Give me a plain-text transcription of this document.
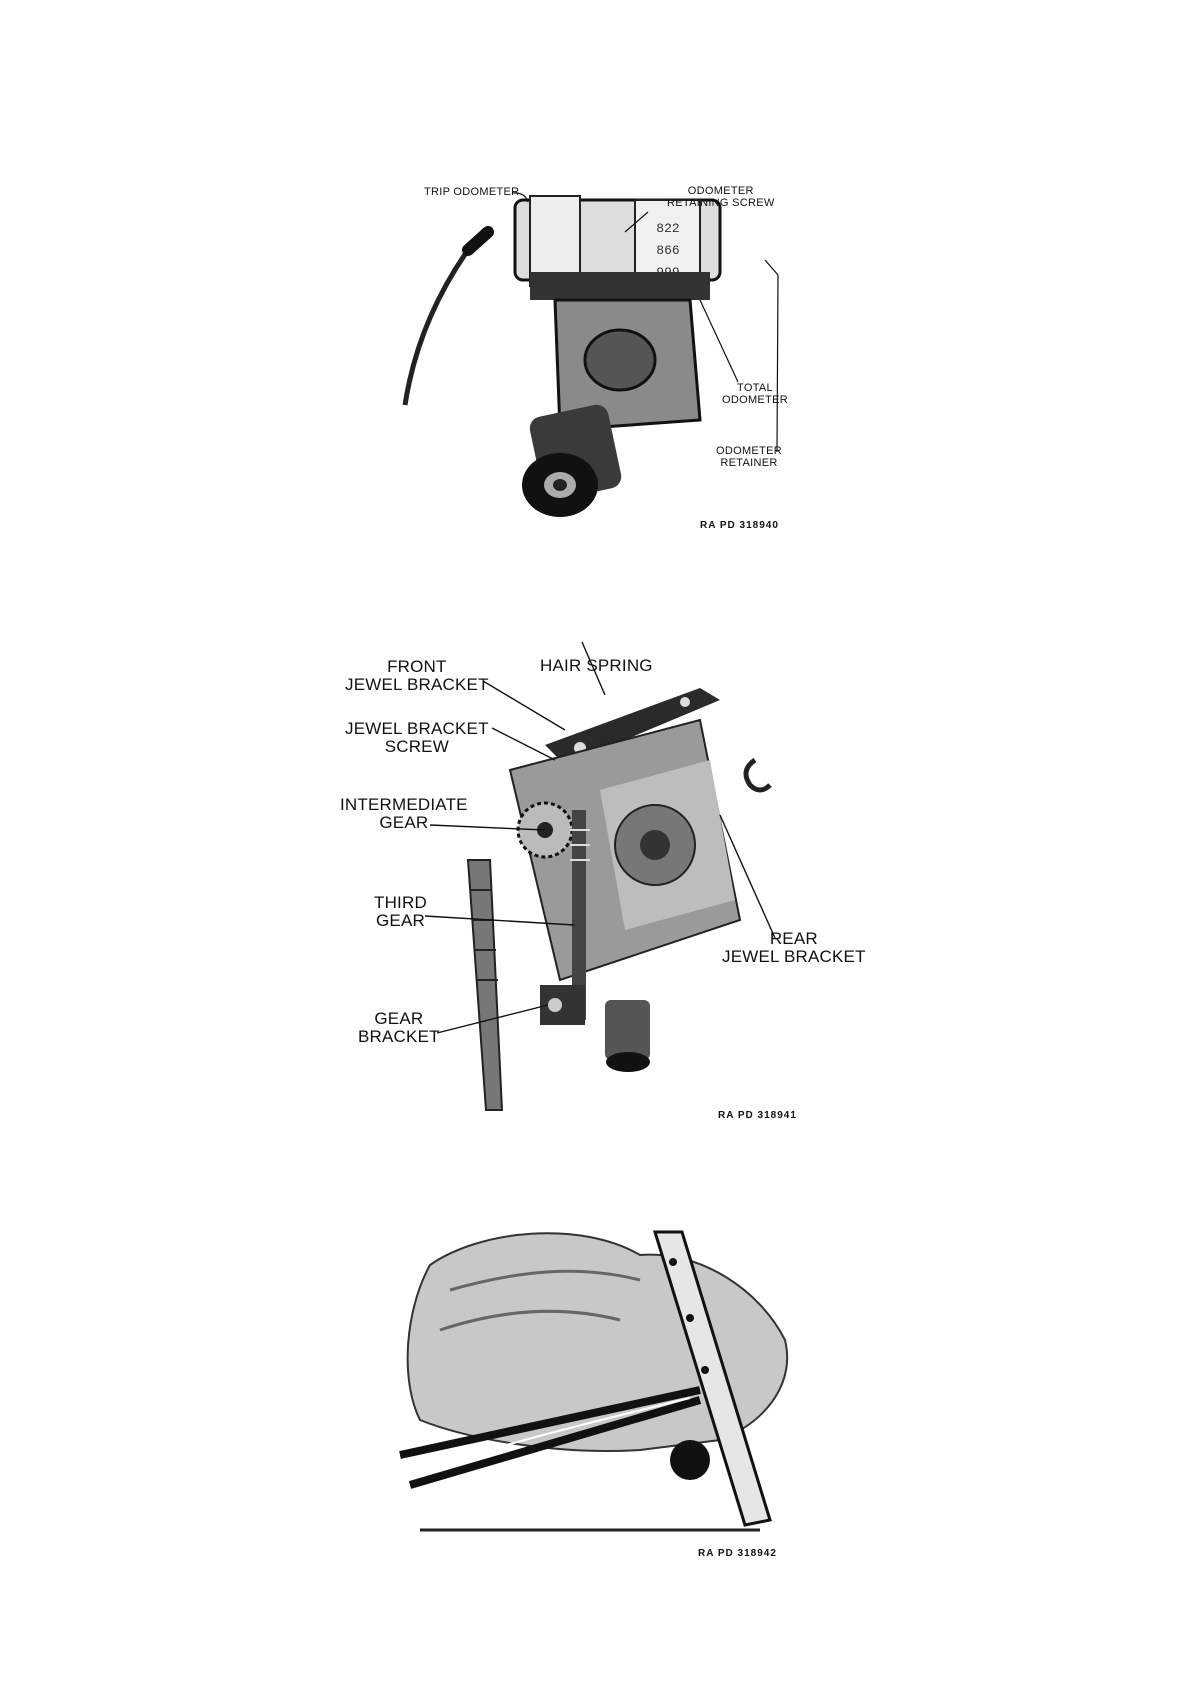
822
866
TRIP ODOMETER	ODOMETER
RETAINING SCREW
TOTAL
ODOMETER
ODOMETER
RETAINER
RA PD 318940
FRONT
JEWEL BRACKET
HAIR SPRING
JEWEL BRACKET
SCREW
INTERMEDIATE
GEAR
THIRD
GEAR
REAR
JEWEL BRACKET
GEAR
BRACKET
RA PD 318941
RA PD 318942
